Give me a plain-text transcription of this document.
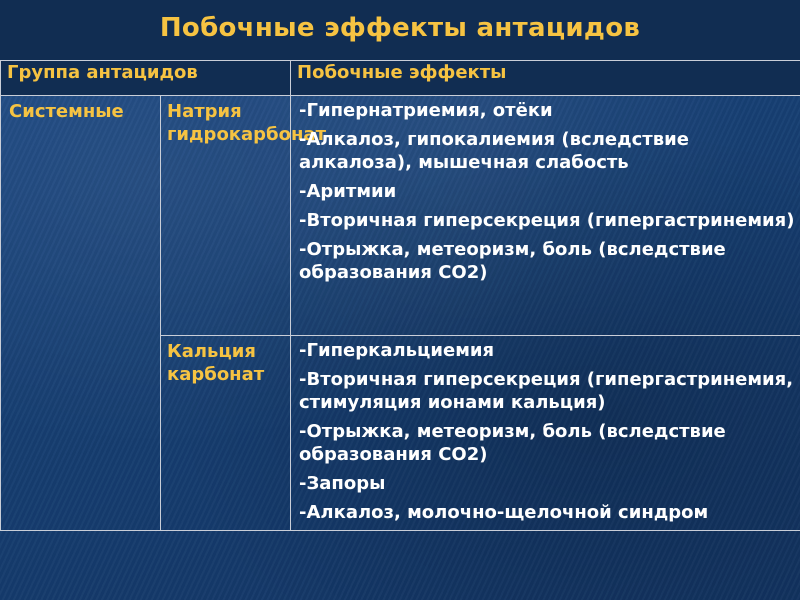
Побочные эффекты антацидов
Группа антацидов		Побочные эффекты
Системные	Натрия гидрокарбонат	-Гипернатриемия, отёки

-Алкалоз, гипокалиемия (вследствие алкалоза), мышечная слабость

-Аритмии

-Вторичная гиперсекреция (гипергастринемия)

-Отрыжка, метеоризм, боль (вследствие образования CO2)

	Кальция карбонат	-Гиперкальциемия

-Вторичная гиперсекреция (гипергастринемия, стимуляция ионами кальция)

-Отрыжка, метеоризм, боль (вследствие образования CO2)

-Запоры

-Алкалоз, молочно-щелочной синдром
